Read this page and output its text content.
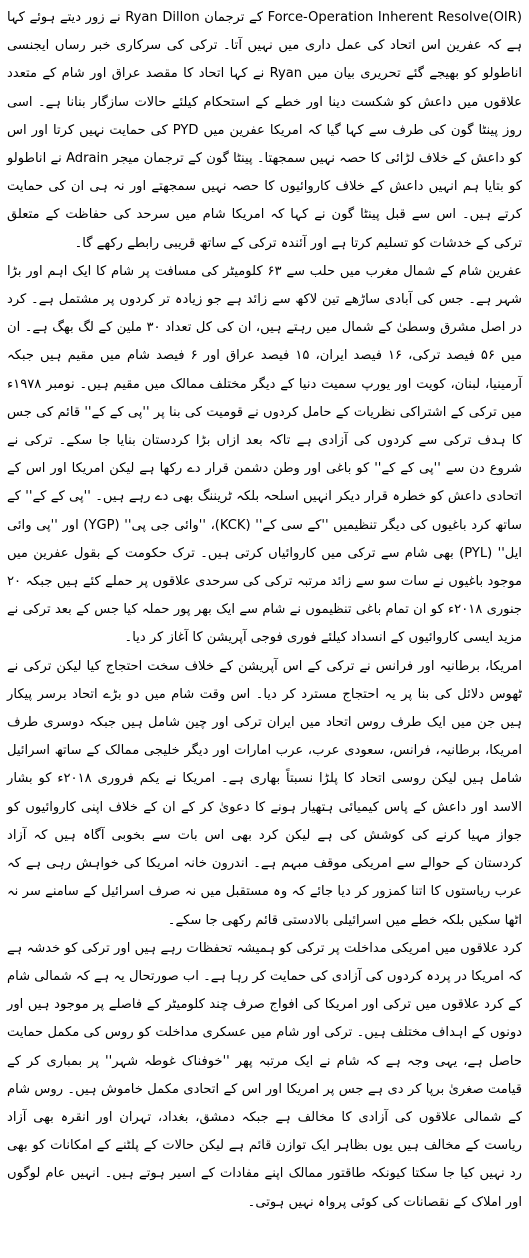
(OIR)Force-Operation Inherent Resolve کے ترجمان Ryan Dillon نے زور دیتے ہوئے کہا ہے کہ عفرین اس اتحاد کی عمل داری میں نہیں آتا۔ ترکی کی سرکاری خبر رساں ایجنسی اناطولو کو بھیجے گئے تحریری بیان میں Ryan نے کہا اتحاد کا مقصد عراق اور شام کے متعدد علاقوں میں داعش کو شکست دینا اور خطے کے استحکام کیلئے حالات سازگار بنانا ہے۔ اسی روز پینٹا گون کی طرف سے کہا گیا کہ امریکا عفرین میں PYD کی حمایت نہیں کرتا اور اس کو داعش کے خلاف لڑائی کا حصہ نہیں سمجھتا۔ پینٹا گون کے ترجمان میجر Adrain نے اناطولو کو بتایا ہم انہیں داعش کے خلاف کاروائیوں کا حصہ نہیں سمجھتے اور نہ ہی ان کی حمایت کرتے ہیں۔ اس سے قبل پینٹا گون نے کہا کہ امریکا شام میں سرحد کی حفاظت کے متعلق ترکی کے خدشات کو تسلیم کرتا ہے اور آئندہ ترکی کے ساتھ قریبی رابطے رکھے گا۔

عفرین شام کے شمال مغرب میں حلب سے ۶۳ کلومیٹر کی مسافت پر شام کا ایک اہم اور بڑا شہر ہے۔ جس کی آبادی ساڑھے تین لاکھ سے زائد ہے جو زیادہ تر کردوں پر مشتمل ہے۔ کرد در اصل مشرق وسطیٰ کے شمال میں رہتے ہیں، ان کی کل تعداد ۳۰ ملین کے لگ بھگ ہے۔ ان میں ۵۶ فیصد ترکی، ۱۶ فیصد ایران، ۱۵ فیصد عراق اور ۶ فیصد شام میں مقیم ہیں جبکہ آرمینیا، لبنان، کویت اور یورپ سمیت دنیا کے دیگر مختلف ممالک میں مقیم ہیں۔ نومبر ۱۹۷۸ء میں ترکی کے اشتراکی نظریات کے حامل کردوں نے قومیت کی بنا پر ''پی کے کے'' قائم کی جس کا ہدف ترکی سے کردوں کی آزادی ہے تاکہ بعد ازاں بڑا کردستان بنایا جا سکے۔ ترکی نے شروع دن سے ''پی کے کے'' کو باغی اور وطن دشمن قرار دے رکھا ہے لیکن امریکا اور اس کے اتحادی داعش کو خطرہ قرار دیکر انہیں اسلحہ بلکہ ٹریننگ بھی دے رہے ہیں۔ ''پی کے کے'' کے ساتھ کرد باغیوں کی دیگر تنظیمیں ''کے سی کے'' (KCK)، ''وائی جی پی'' (YGP) اور ''پی وائی ایل'' (PYL) بھی شام سے ترکی میں کاروائیاں کرتی ہیں۔ ترک حکومت کے بقول عفرین میں موجود باغیوں نے سات سو سے زائد مرتبہ ترکی کی سرحدی علاقوں پر حملے کئے ہیں جبکہ ۲۰ جنوری ۲۰۱۸ء کو ان تمام باغی تنظیموں نے شام سے ایک بھر پور حملہ کیا جس کے بعد ترکی نے مزید ایسی کاروائیوں کے انسداد کیلئے فوری فوجی آپریشن کا آغاز کر دیا۔

امریکا، برطانیہ اور فرانس نے ترکی کے اس آپریشن کے خلاف سخت احتجاج کیا لیکن ترکی نے ٹھوس دلائل کی بنا پر یہ احتجاج مسترد کر دیا۔ اس وقت شام میں دو بڑے اتحاد برسر پیکار ہیں جن میں ایک طرف روس اتحاد میں ایران ترکی اور چین شامل ہیں جبکہ دوسری طرف امریکا، برطانیہ، فرانس، سعودی عرب، عرب امارات اور دیگر خلیجی ممالک کے ساتھ اسرائیل شامل ہیں لیکن روسی اتحاد کا پلڑا نسبتاً بھاری ہے۔ امریکا نے یکم فروری ۲۰۱۸ء کو بشار الاسد اور داعش کے پاس کیمیائی ہتھیار ہونے کا دعویٰ کر کے ان کے خلاف اپنی کاروائیوں کو جواز مہیا کرنے کی کوشش کی ہے لیکن کرد بھی اس بات سے بخوبی آگاہ ہیں کہ آزاد کردستان کے حوالے سے امریکی موقف مبہم ہے۔ اندرون خانہ امریکا کی خواہش رہی ہے کہ عرب ریاستوں کا اتنا کمزور کر دیا جائے کہ وہ مستقبل میں نہ صرف اسرائیل کے سامنے سر نہ اٹھا سکیں بلکہ خطے میں اسرائیلی بالادستی قائم رکھی جا سکے۔

کرد علاقوں میں امریکی مداخلت پر ترکی کو ہمیشہ تحفظات رہے ہیں اور ترکی کو خدشہ ہے کہ امریکا در پردہ کردوں کی آزادی کی حمایت کر رہا ہے۔ اب صورتحال یہ ہے کہ شمالی شام کے کرد علاقوں میں ترکی اور امریکا کی افواج صرف چند کلومیٹر کے فاصلے پر موجود ہیں اور دونوں کے اہداف مختلف ہیں۔ ترکی اور شام میں عسکری مداخلت کو روس کی مکمل حمایت حاصل ہے، یہی وجہ ہے کہ شام نے ایک مرتبہ پھر ''خوفناک غوطہ شہر'' پر بمباری کر کے قیامت صغریٰ برپا کر دی ہے جس پر امریکا اور اس کے اتحادی مکمل خاموش ہیں۔ روس شام کے شمالی علاقوں کی آزادی کا مخالف ہے جبکہ دمشق، بغداد، تہران اور انقرہ بھی آزاد ریاست کے مخالف ہیں یوں بظاہر ایک توازن قائم ہے لیکن حالات کے پلٹنے کے امکانات کو بھی رد نہیں کیا جا سکتا کیونکہ طاقتور ممالک اپنے مفادات کے اسیر ہوتے ہیں۔ انہیں عام لوگوں اور املاک کے نقصانات کی کوئی پرواہ نہیں ہوتی۔
